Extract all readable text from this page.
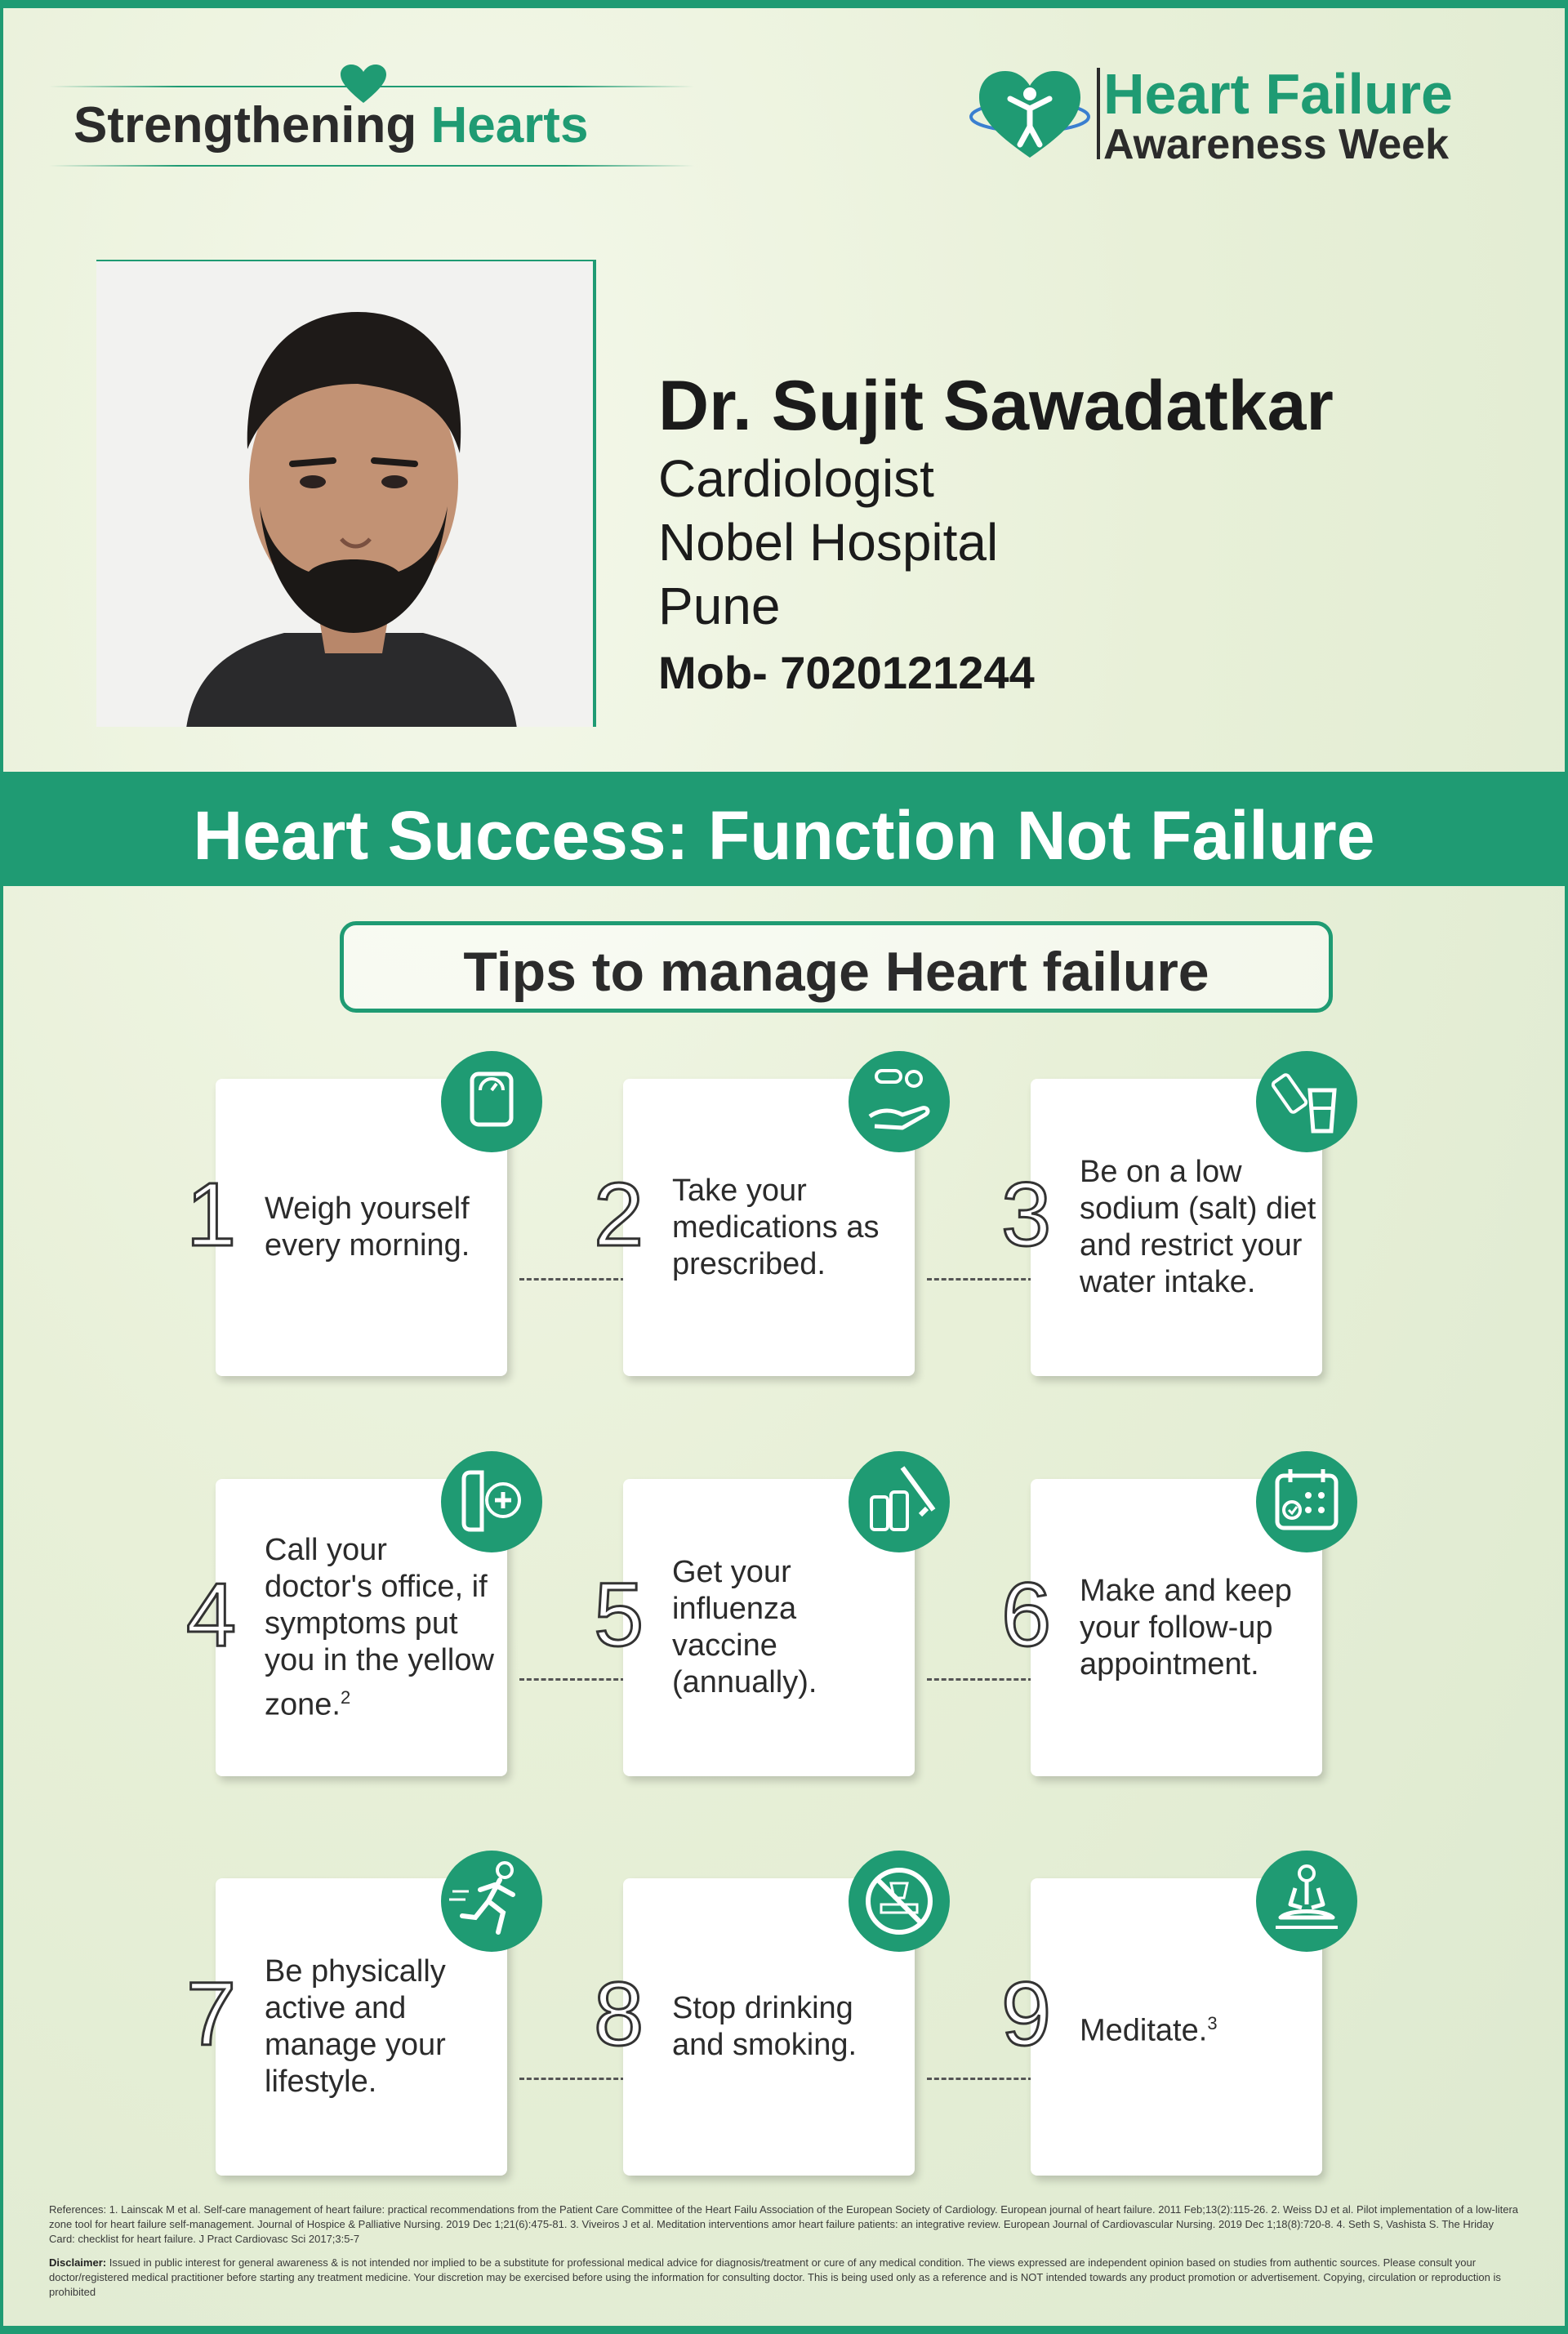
Strengthening Hearts	Heart Failure
Awareness Week
Dr. Sujit Sawadatkar
Cardiologist
Nobel Hospital
Pune
Mob- 7020121244
Heart Success: Function Not Failure
Tips to manage Heart failure
1 Weigh yourself every morning.	2 Take your medications as prescribed.	3 Be on a low sodium (salt) diet and restrict your water intake.
4
Call your doctor's office, if symptoms put you in the yellow zone.$^2$
5 Get your influenza vaccine (annually).
6 Make and keep your follow-up appointment.
7 Be physically active and manage your lifestyle.
8 Stop drinking and smoking.	9 Meditate.$^3$
References: 1. Lainscak M et al. Self-care management of heart failure: practical recommendations from the Patient Care Committee of the Heart Failu Association of the European Society of Cardiology. European journal of heart failure. 2011 Feb;13(2):115-26. 2. Weiss DJ et al. Pilot implementation of a low-litera zone tool for heart failure self-management. Journal of Hospice & Palliative Nursing. 2019 Dec 1;21(6):475-81. 3. Viveiros J et al. Meditation interventions amor heart failure patients: an integrative review. European Journal of Cardiovascular Nursing. 2019 Dec 1;18(8):720-8. 4. Seth S, Vashista S. The Hriday Card: checklist for heart failure. J Pract Cardiovasc Sci 2017;3:5-7
Disclaimer: Issued in public interest for general awareness & is not intended nor implied to be a substitute for professional medical advice for diagnosis/treatment or cure of any medical condition. The views expressed are independent opinion based on studies from authentic sources. Please consult your doctor/registered medical practitioner before starting any treatment medicine. Your discretion may be exercised before using the information for consulting doctor. This is being used only as a reference and is NOT intended towards any product promotion or advertisement. Copying, circulation or reproduction is prohibited
